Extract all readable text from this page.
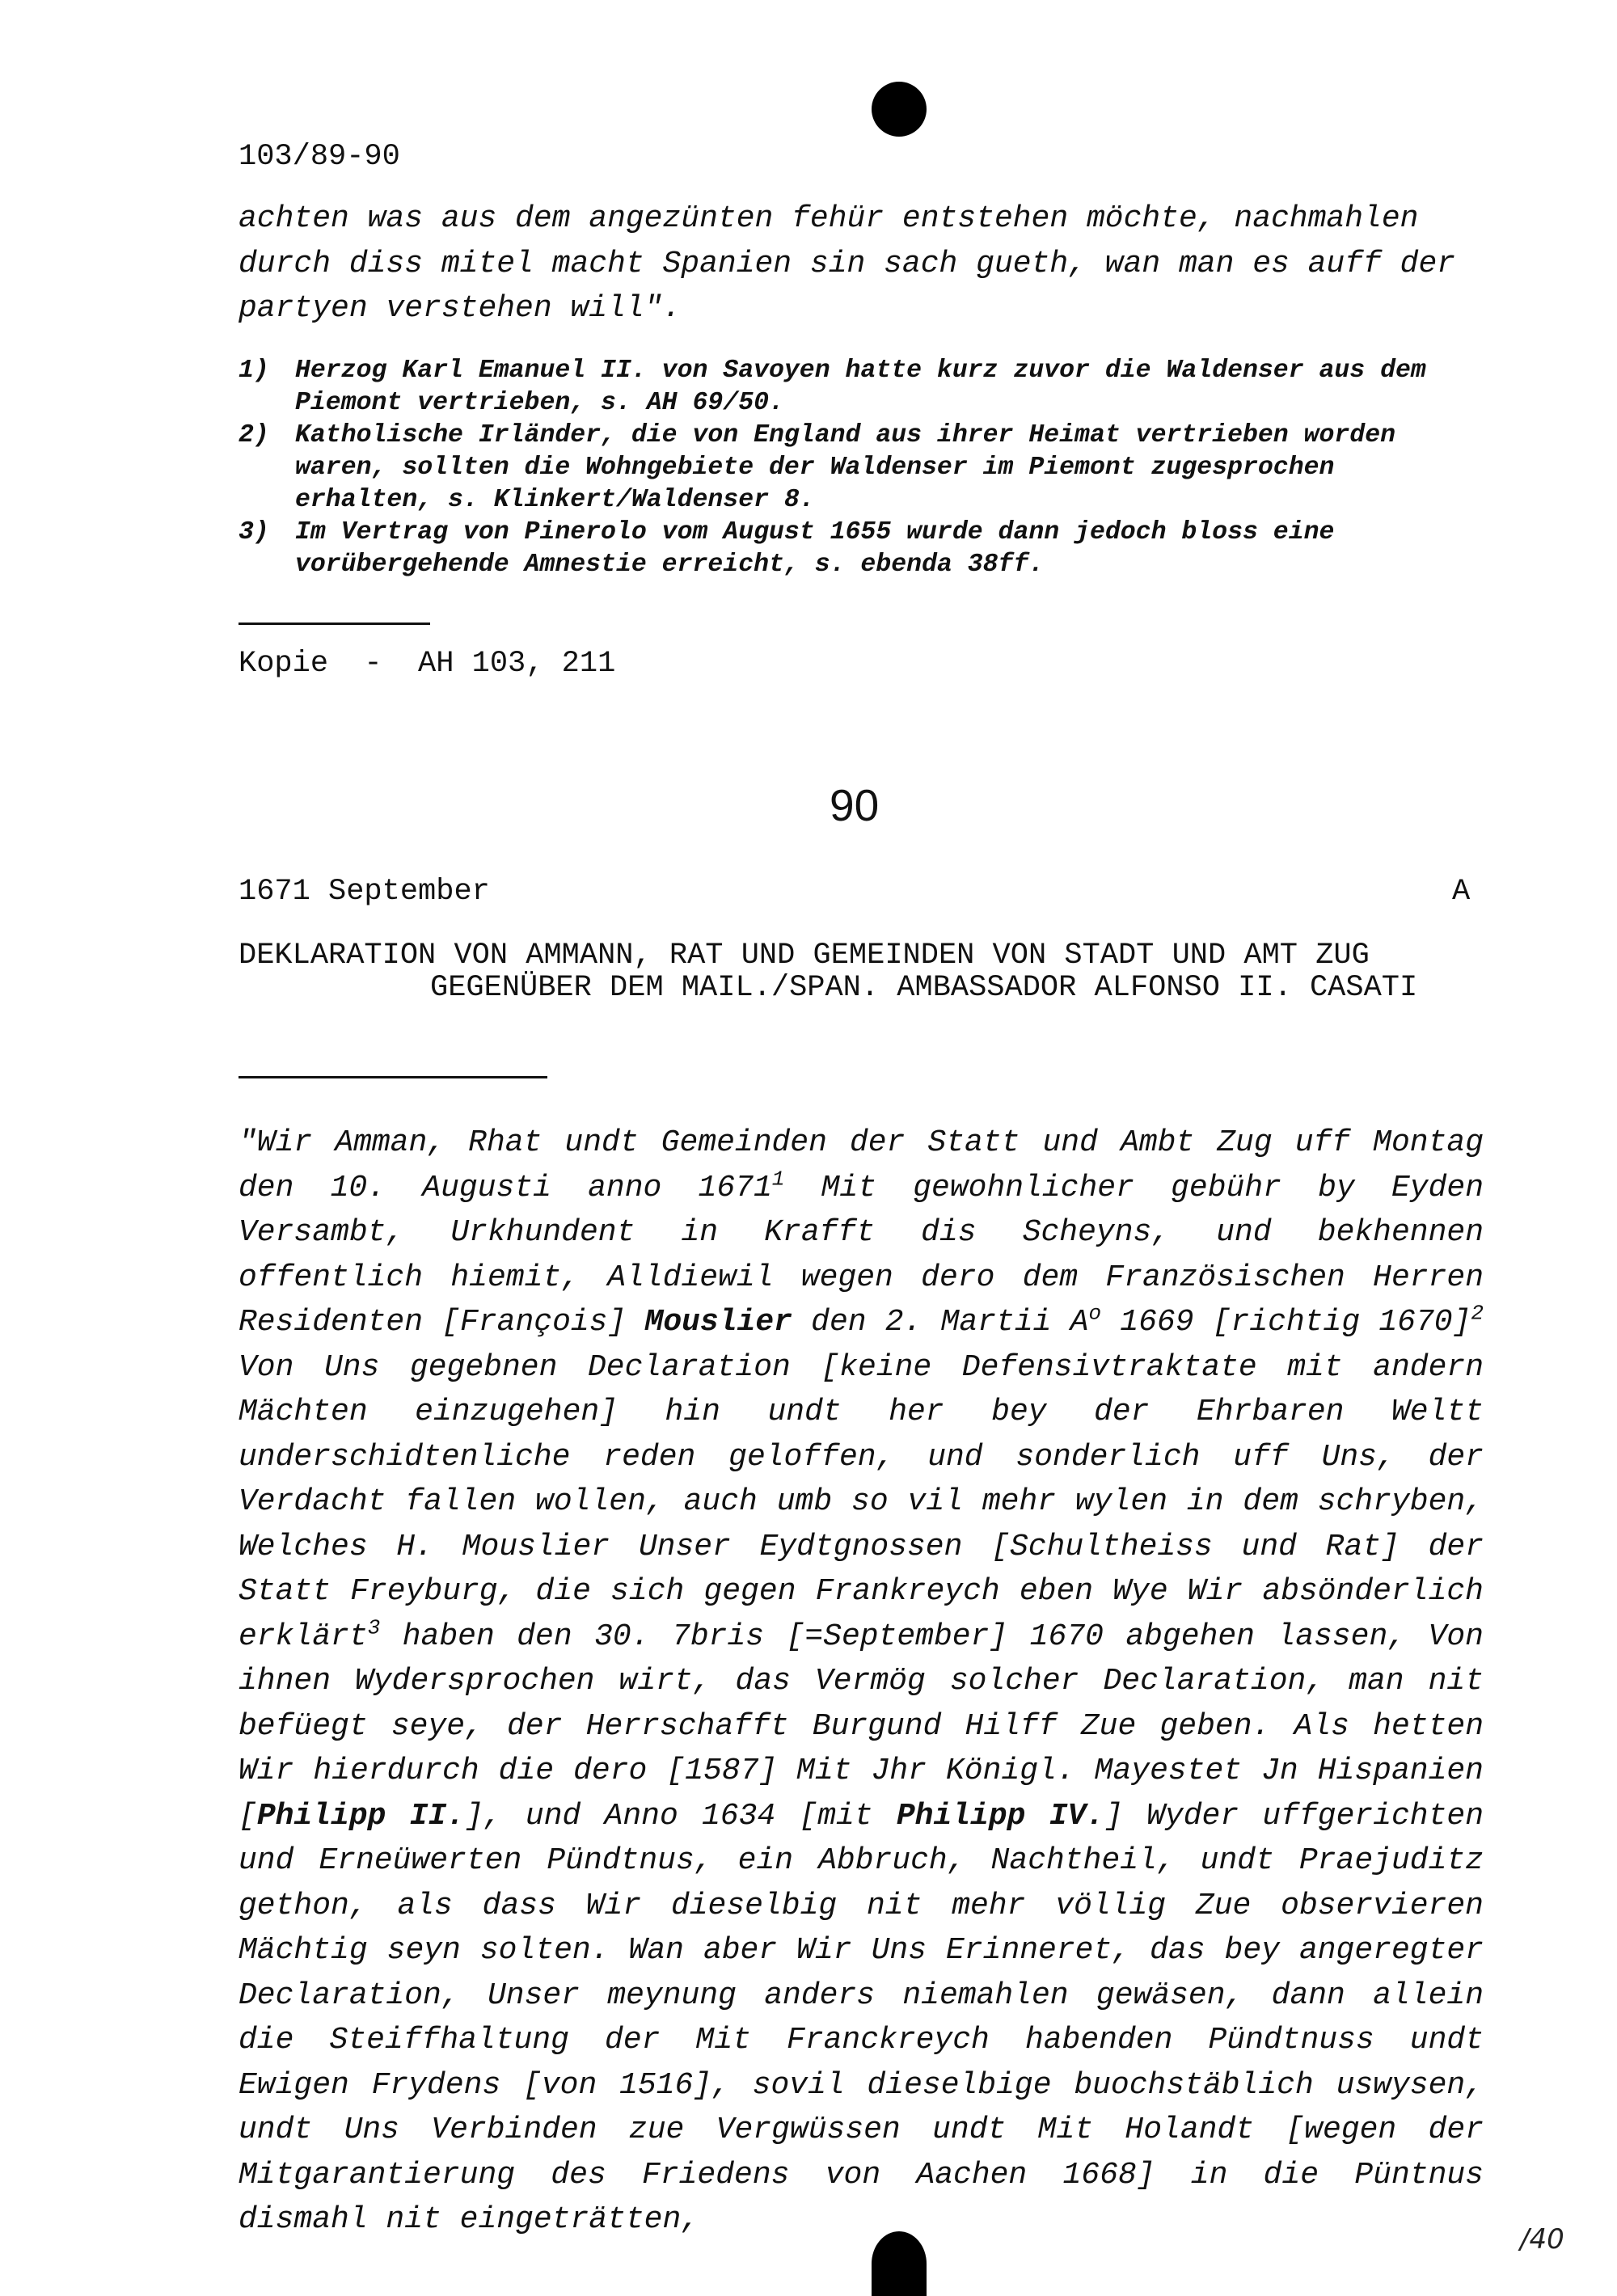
103/89-90
achten was aus dem angezünten fehür entstehen möchte, nachmahlen durch diss mitel macht Spanien sin sach gueth, wan man es auff der partyen verstehen will".
1)	Herzog Karl Emanuel II. von Savoyen hatte kurz zuvor die Waldenser aus dem Piemont vertrieben, s. AH 69/50.
2)	Katholische Irländer, die von England aus ihrer Heimat vertrieben worden waren, sollten die Wohngebiete der Waldenser im Piemont zugesprochen erhalten, s. Klinkert/Waldenser 8.
3)	Im Vertrag von Pinerolo vom August 1655 wurde dann jedoch bloss eine vorübergehende Amnestie erreicht, s. ebenda 38ff.
Kopie  -  AH 103, 211
90
1671 September	A
DEKLARATION VON AMMANN, RAT UND GEMEINDEN VON STADT UND AMT ZUG
GEGENÜBER DEM MAIL./SPAN. AMBASSADOR ALFONSO II. CASATI
"Wir Amman, Rhat undt Gemeinden der Statt und Ambt Zug uff Montag den 10. Augusti anno 1671$^1$ Mit gewohnlicher gebühr by Eyden Versambt, Urkhundent in Krafft dis Scheyns, und bekhennen offentlich hiemit, Alldiewil wegen dero dem Französischen Herren Residenten [François] Mouslier den 2. Martii $A^o$ 1669 [richtig 1670]$^2$ Von Uns gegebnen Declaration [keine Defensivtraktate mit andern Mächten einzugehen] hin undt her bey der Ehrbaren Weltt underschidtenliche reden geloffen, und sonderlich uff Uns, der Verdacht fallen wollen, auch umb so vil mehr wylen in dem schryben, Welches H. Mouslier Unser Eydtgnossen [Schultheiss und Rat] der Statt Freyburg, die sich gegen Frankreych eben Wye Wir absönderlich erklärt$^3$ haben den 30. 7bris [=September] 1670 abgehen lassen, Von ihnen Wydersprochen wirt, das Vermög solcher Declaration, man nit befüegt seye, der Herrschafft Burgund Hilff Zue geben. Als hetten Wir hierdurch die dero [1587] Mit Jhr Königl. Mayestet Jn Hispanien [Philipp II.], und Anno 1634 [mit Philipp IV.] Wyder uffgerichten und Erneüwerten Pündtnus, ein Abbruch, Nachtheil, undt Praejuditz gethon, als dass Wir dieselbig nit mehr völlig Zue observieren Mächtig seyn solten. Wan aber Wir Uns Erinneret, das bey angeregter Declaration, Unser meynung anders niemahlen gewäsen, dann allein die Steiffhaltung der Mit Franckreych habenden Pündtnuss undt Ewigen Frydens [von 1516], sovil dieselbige buochstäblich uswysen, undt Uns Verbinden zue Vergwüssen undt Mit Holandt [wegen der Mitgarantierung des Friedens von Aachen 1668] in die Püntnus dismahl nit eingeträtten,
/40
